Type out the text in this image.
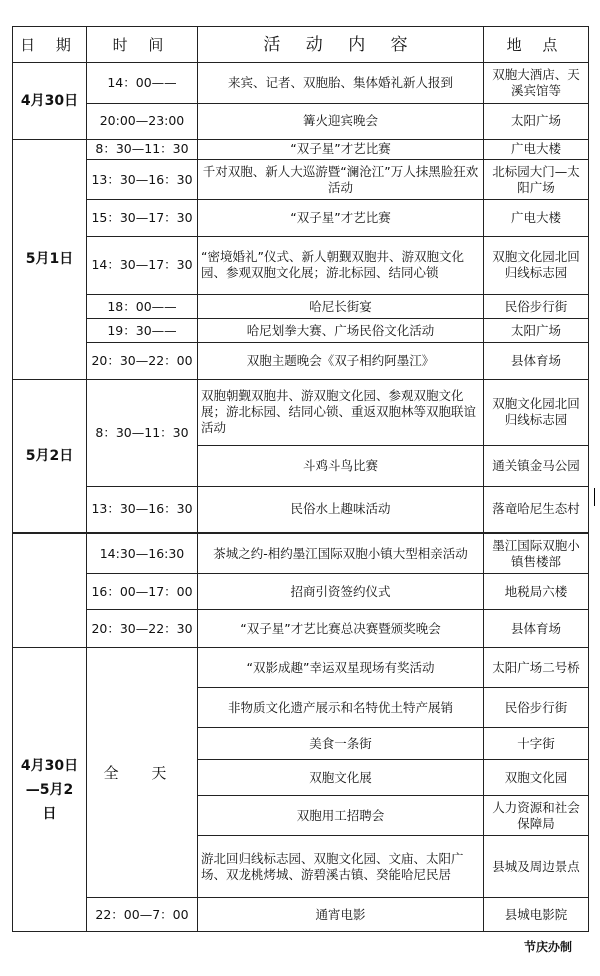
日 期	时 间	活 动 内 容	地 点
4月30日	14：00——	来宾、记者、双胞胎、集体婚礼新人报到	双胞大酒店、天溪宾馆等
	20:00—23:00	篝火迎宾晚会	太阳广场
5月1日	8：30—11：30	“双子星”才艺比赛	广电大楼
	13：30—16：30	千对双胞、新人大巡游暨“澜沧江”万人抹黑脸狂欢活动	北标园大门—太阳广场
	15：30—17：30	“双子星”才艺比赛	广电大楼
	14：30—17：30	“密境婚礼”仪式、新人朝觐双胞井、游双胞文化园、参观双胞文化展；游北标园、结同心锁	双胞文化园北回归线标志园
	18：00——	哈尼长街宴	民俗步行街
	19：30——	哈尼划拳大赛、广场民俗文化活动	太阳广场
	20：30—22：00	双胞主题晚会《双子相约阿墨江》	县体育场
5月2日	8：30—11：30	双胞朝觐双胞井、游双胞文化园、参观双胞文化展；游北标园、结同心锁、重返双胞林等双胞联谊活动	双胞文化园北回归线标志园
		斗鸡斗鸟比赛	通关镇金马公园
	13：30—16：30	民俗水上趣味活动	落竜哈尼生态村
	14:30—16:30	茶城之约-相约墨江国际双胞小镇大型相亲活动	墨江国际双胞小镇售楼部
	16：00—17：00	招商引资签约仪式	地税局六楼
	20：30—22：30	“双子星”才艺比赛总决赛暨颁奖晚会	县体育场
4月30日—5月2日	全 天	“双影成趣”幸运双星现场有奖活动	太阳广场二号桥
		非物质文化遗产展示和名特优土特产展销	民俗步行街
		美食一条街	十字街
		双胞文化展	双胞文化园
		双胞用工招聘会	人力资源和社会保障局
		游北回归线标志园、双胞文化园、文庙、太阳广场、双龙桃烤城、游碧溪古镇、癸能哈尼民居	县城及周边景点
	22：00—7：00	通宵电影	县城电影院
节庆办制
